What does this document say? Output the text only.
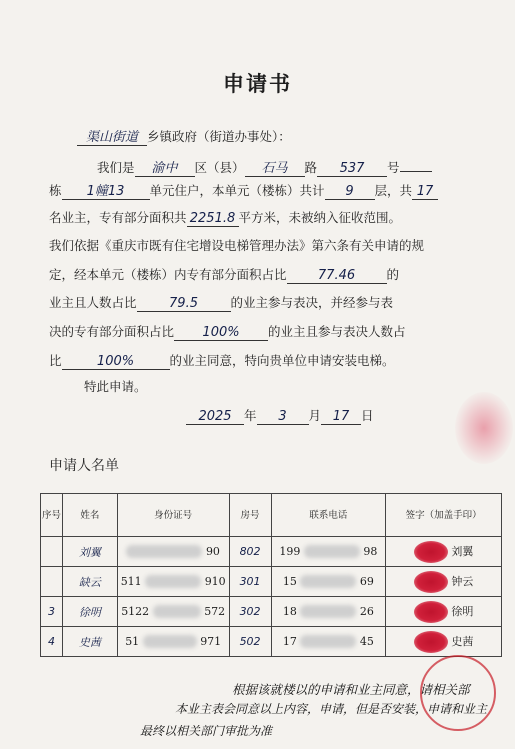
申请书
渠山街道 乡镇政府（街道办事处）：
我们是 渝中 区（县） 石马 路 537 号
栋 1幢13 单元住户，本单元（楼栋）共计 9 层，共 17
名业主，专有部分面积共 2251.8 平方米，未被纳入征收范围。
我们依据《重庆市既有住宅增设电梯管理办法》第六条有关申请的规
定，经本单元（楼栋）内专有部分面积占比 77.46	的
业主且人数占比	79.5	的业主参与表决，并经参与表
决的专有部分面积占比 100% 的业主且参与表决人数占
比	100%	的业主同意，特向贵单位申请安装电梯。
特此申请。
2025 年 3 月 17 日
申请人名单
序号	姓名	身份证号	房号	联系电话	签字（加盖手印）
	刘翼	90	802	199 98	刘翼
	缺云	511 910	301	15 69	钟云
3	徐明	5122 572	302	18 26	徐明
4	史茜	51 971	502	17 45	史茜
根据该就楼以的申请和业主同意，请相关部
本业主表会同意以上内容，申请，但是否安装，申请和业主
最终以相关部门审批为准
